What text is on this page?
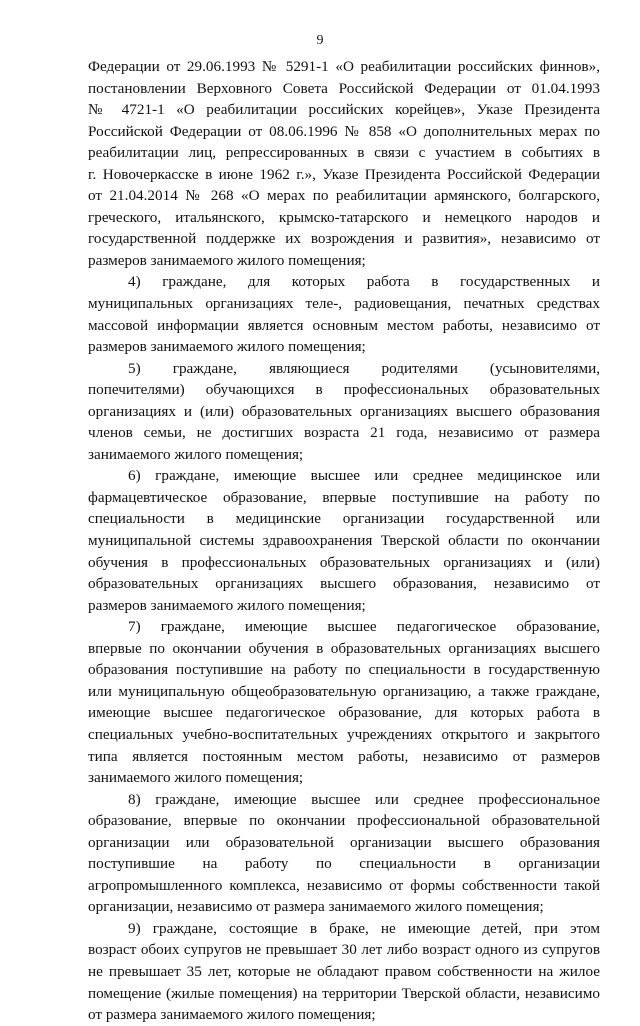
9
Федерации от 29.06.1993 № 5291-1 «О реабилитации российских финнов»,
постановлении Верховного Совета Российской Федерации от 01.04.1993
№ 4721-1 «О реабилитации российских корейцев», Указе Президента
Российской Федерации от 08.06.1996 № 858 «О дополнительных мерах по
реабилитации лиц, репрессированных в связи с участием в событиях в
г. Новочеркасске в июне 1962 г.», Указе Президента Российской Федерации
от 21.04.2014 № 268 «О мерах по реабилитации армянского, болгарского,
греческого, итальянского, крымско-татарского и немецкого народов и
государственной поддержке их возрождения и развития», независимо от
размеров занимаемого жилого помещения;
4) граждане, для которых работа в государственных и
муниципальных организациях теле-, радиовещания, печатных средствах
массовой информации является основным местом работы, независимо от
размеров занимаемого жилого помещения;
5) граждане, являющиеся родителями (усыновителями,
попечителями) обучающихся в профессиональных образовательных
организациях и (или) образовательных организациях высшего образования
членов семьи, не достигших возраста 21 года, независимо от размера
занимаемого жилого помещения;
6) граждане, имеющие высшее или среднее медицинское или
фармацевтическое образование, впервые поступившие на работу по
специальности в медицинские организации государственной или
муниципальной системы здравоохранения Тверской области по окончании
обучения в профессиональных образовательных организациях и (или)
образовательных организациях высшего образования, независимо от
размеров занимаемого жилого помещения;
7) граждане, имеющие высшее педагогическое образование,
впервые по окончании обучения в образовательных организациях высшего
образования поступившие на работу по специальности в государственную
или муниципальную общеобразовательную организацию, а также граждане,
имеющие высшее педагогическое образование, для которых работа в
специальных учебно-воспитательных учреждениях открытого и закрытого
типа является постоянным местом работы, независимо от размеров
занимаемого жилого помещения;
8) граждане, имеющие высшее или среднее профессиональное
образование, впервые по окончании профессиональной образовательной
организации или образовательной организации высшего образования
поступившие на работу по специальности в организации
агропромышленного комплекса, независимо от формы собственности такой
организации, независимо от размера занимаемого жилого помещения;
9) граждане, состоящие в браке, не имеющие детей, при этом
возраст обоих супругов не превышает 30 лет либо возраст одного из супругов
не превышает 35 лет, которые не обладают правом собственности на жилое
помещение (жилые помещения) на территории Тверской области, независимо
от размера занимаемого жилого помещения;
